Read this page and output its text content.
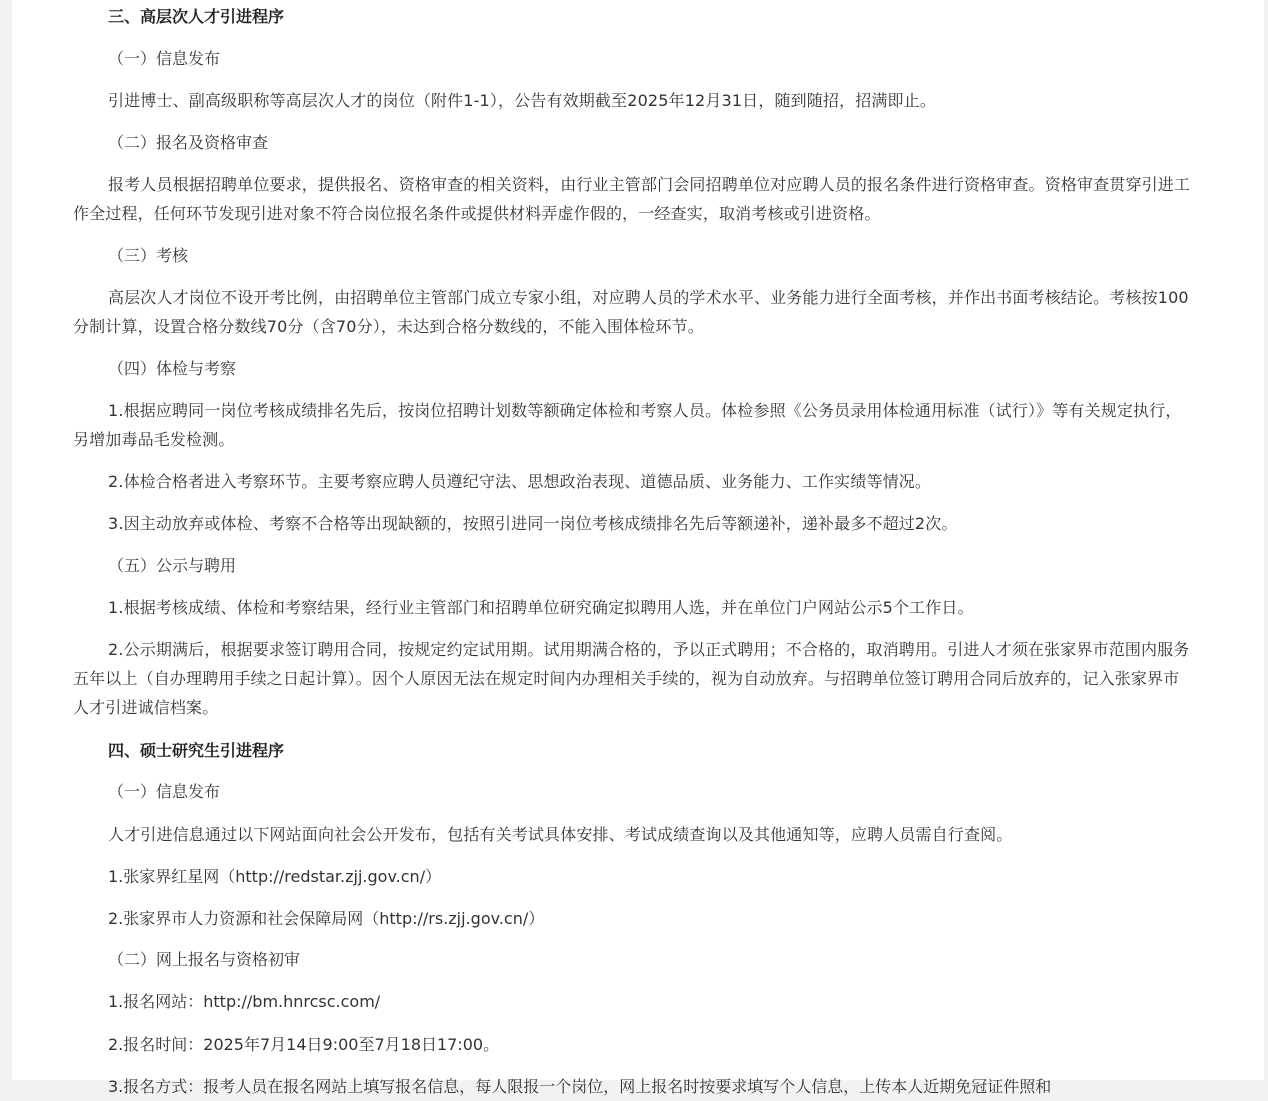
三、高层次人才引进程序
（一）信息发布
引进博士、副高级职称等高层次人才的岗位（附件1-1），公告有效期截至2025年12月31日，随到随招，招满即止。
（二）报名及资格审查
报考人员根据招聘单位要求，提供报名、资格审查的相关资料，由行业主管部门会同招聘单位对应聘人员的报名条件进行资格审查。资格审查贯穿引进工作全过程，任何环节发现引进对象不符合岗位报名条件或提供材料弄虚作假的，一经查实，取消考核或引进资格。
（三）考核
高层次人才岗位不设开考比例，由招聘单位主管部门成立专家小组，对应聘人员的学术水平、业务能力进行全面考核，并作出书面考核结论。考核按100分制计算，设置合格分数线70分（含70分），未达到合格分数线的，不能入围体检环节。
（四）体检与考察
1.根据应聘同一岗位考核成绩排名先后，按岗位招聘计划数等额确定体检和考察人员。体检参照《公务员录用体检通用标准（试行）》等有关规定执行，另增加毒品毛发检测。
2.体检合格者进入考察环节。主要考察应聘人员遵纪守法、思想政治表现、道德品质、业务能力、工作实绩等情况。
3.因主动放弃或体检、考察不合格等出现缺额的，按照引进同一岗位考核成绩排名先后等额递补，递补最多不超过2次。
（五）公示与聘用
1.根据考核成绩、体检和考察结果，经行业主管部门和招聘单位研究确定拟聘用人选，并在单位门户网站公示5个工作日。
2.公示期满后，根据要求签订聘用合同，按规定约定试用期。试用期满合格的，予以正式聘用；不合格的，取消聘用。引进人才须在张家界市范围内服务五年以上（自办理聘用手续之日起计算）。因个人原因无法在规定时间内办理相关手续的，视为自动放弃。与招聘单位签订聘用合同后放弃的，记入张家界市人才引进诚信档案。
四、硕士研究生引进程序
（一）信息发布
人才引进信息通过以下网站面向社会公开发布，包括有关考试具体安排、考试成绩查询以及其他通知等，应聘人员需自行查阅。
1.张家界红星网（http://redstar.zjj.gov.cn/）
2.张家界市人力资源和社会保障局网（http://rs.zjj.gov.cn/）
（二）网上报名与资格初审
1.报名网站：http://bm.hnrcsc.com/
2.报名时间：2025年7月14日9:00至7月18日17:00。
3.报名方式：报考人员在报名网站上填写报名信息，每人限报一个岗位，网上报名时按要求填写个人信息，上传本人近期免冠证件照和
